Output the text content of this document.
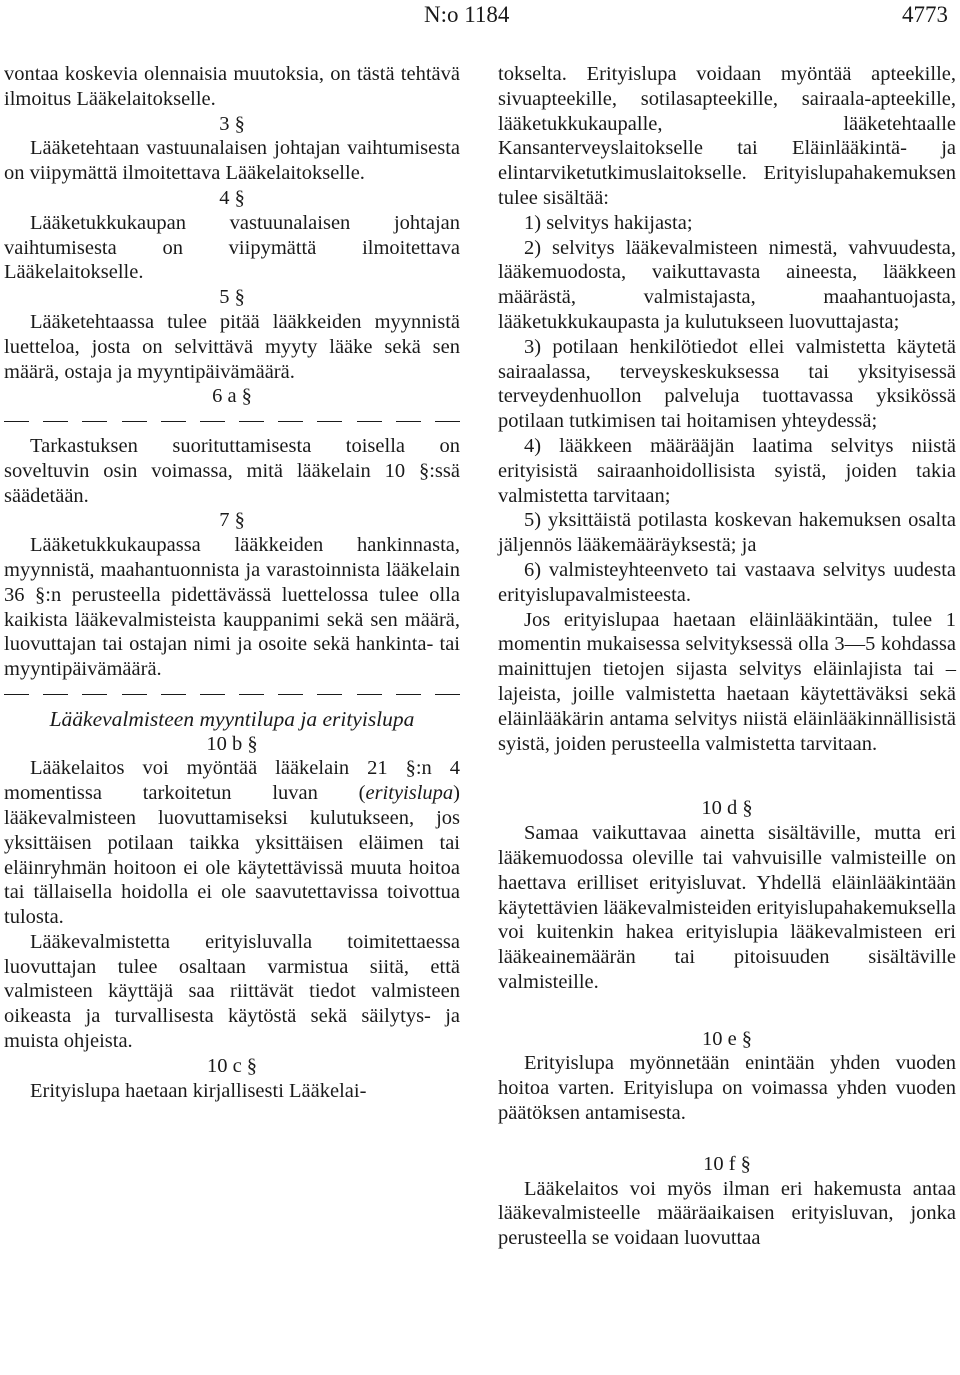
N:o 1184	4773

vontaa koskevia olennaisia muutoksia, on tästä tehtävä ilmoitus Lääkelaitokselle.

3 §

Lääketehtaan vastuunalaisen johtajan vaihtumisesta on viipymättä ilmoitettava Lääkelaitokselle.

4 §

Lääketukkukaupan vastuunalaisen johtajan vaihtumisesta on viipymättä ilmoitettava Lääkelaitokselle.

5 §

Lääketehtaassa tulee pitää lääkkeiden myynnistä luetteloa, josta on selvittävä myyty lääke sekä sen määrä, ostaja ja myyntipäivämäärä.

6 a §

Tarkastuksen suorituttamisesta toisella on soveltuvin osin voimassa, mitä lääkelain 10 §:ssä säädetään.

7 §

Lääketukkukaupassa lääkkeiden hankinnasta, myynnistä, maahantuonnista ja varastoinnista lääkelain 36 §:n perusteella pidettävässä luettelossa tulee olla kaikista lääkevalmisteista kauppanimi sekä sen määrä, luovuttajan tai ostajan nimi ja osoite sekä hankinta- tai myyntipäivämäärä.

Lääkevalmisteen myyntilupa ja erityislupa

10 b §

Lääkelaitos voi myöntää lääkelain 21 §:n 4 momentissa tarkoitetun luvan (erityislupa) lääkevalmisteen luovuttamiseksi kulutukseen, jos yksittäisen potilaan taikka yksittäisen eläimen tai eläinryhmän hoitoon ei ole käytettävissä muuta hoitoa tai tällaisella hoidolla ei ole saavutettavissa toivottua tulosta.

Lääkevalmistetta erityisluvalla toimitettaessa luovuttajan tulee osaltaan varmistua siitä, että valmisteen käyttäjä saa riittävät tiedot valmisteen oikeasta ja turvallisesta käytöstä sekä säilytys- ja muista ohjeista.

10 c §

Erityislupa haetaan kirjallisesti Lääkelai-

tokselta. Erityislupa voidaan myöntää apteekille, sivuapteekille, sotilasapteekille, sairaala-apteekille, lääketukkukaupalle, lääketehtaalle Kansanterveyslaitokselle tai Eläinlääkintä- ja elintarviketutkimuslaitokselle. Erityislupahakemuksen tulee sisältää:

1) selvitys hakijasta;

2) selvitys lääkevalmisteen nimestä, vahvuudesta, lääkemuodosta, vaikuttavasta aineesta, lääkkeen määrästä, valmistajasta, maahantuojasta, lääketukkukaupasta ja kulutukseen luovuttajasta;

3) potilaan henkilötiedot ellei valmistetta käytetä sairaalassa, terveyskeskuksessa tai yksityisessä terveydenhuollon palveluja tuottavassa yksikössä potilaan tutkimisen tai hoitamisen yhteydessä;

4) lääkkeen määrääjän laatima selvitys niistä erityisistä sairaanhoidollisista syistä, joiden takia valmistetta tarvitaan;

5) yksittäistä potilasta koskevan hakemuksen osalta jäljennös lääkemääräyksestä; ja

6) valmisteyhteenveto tai vastaava selvitys uudesta erityislupavalmisteesta.

Jos erityislupaa haetaan eläinlääkintään, tulee 1 momentin mukaisessa selvityksessä olla 3—5 kohdassa mainittujen tietojen sijasta selvitys eläinlajista tai –lajeista, joille valmistetta haetaan käytettäväksi sekä eläinlääkärin antama selvitys niistä eläinlääkinnällisistä syistä, joiden perusteella valmistetta tarvitaan.

10 d §

Samaa vaikuttavaa ainetta sisältäville, mutta eri lääkemuodossa oleville tai vahvuisille valmisteille on haettava erilliset erityisluvat. Yhdellä eläinlääkintään käytettävien lääkevalmisteiden erityislupahakemuksella voi kuitenkin hakea erityislupia lääkevalmisteen eri lääkeainemäärän tai pitoisuuden sisältäville valmisteille.

10 e §

Erityislupa myönnetään enintään yhden vuoden hoitoa varten. Erityislupa on voimassa yhden vuoden päätöksen antamisesta.

10 f §

Lääkelaitos voi myös ilman eri hakemusta antaa lääkevalmisteelle määräaikaisen erityisluvan, jonka perusteella se voidaan luovuttaa
